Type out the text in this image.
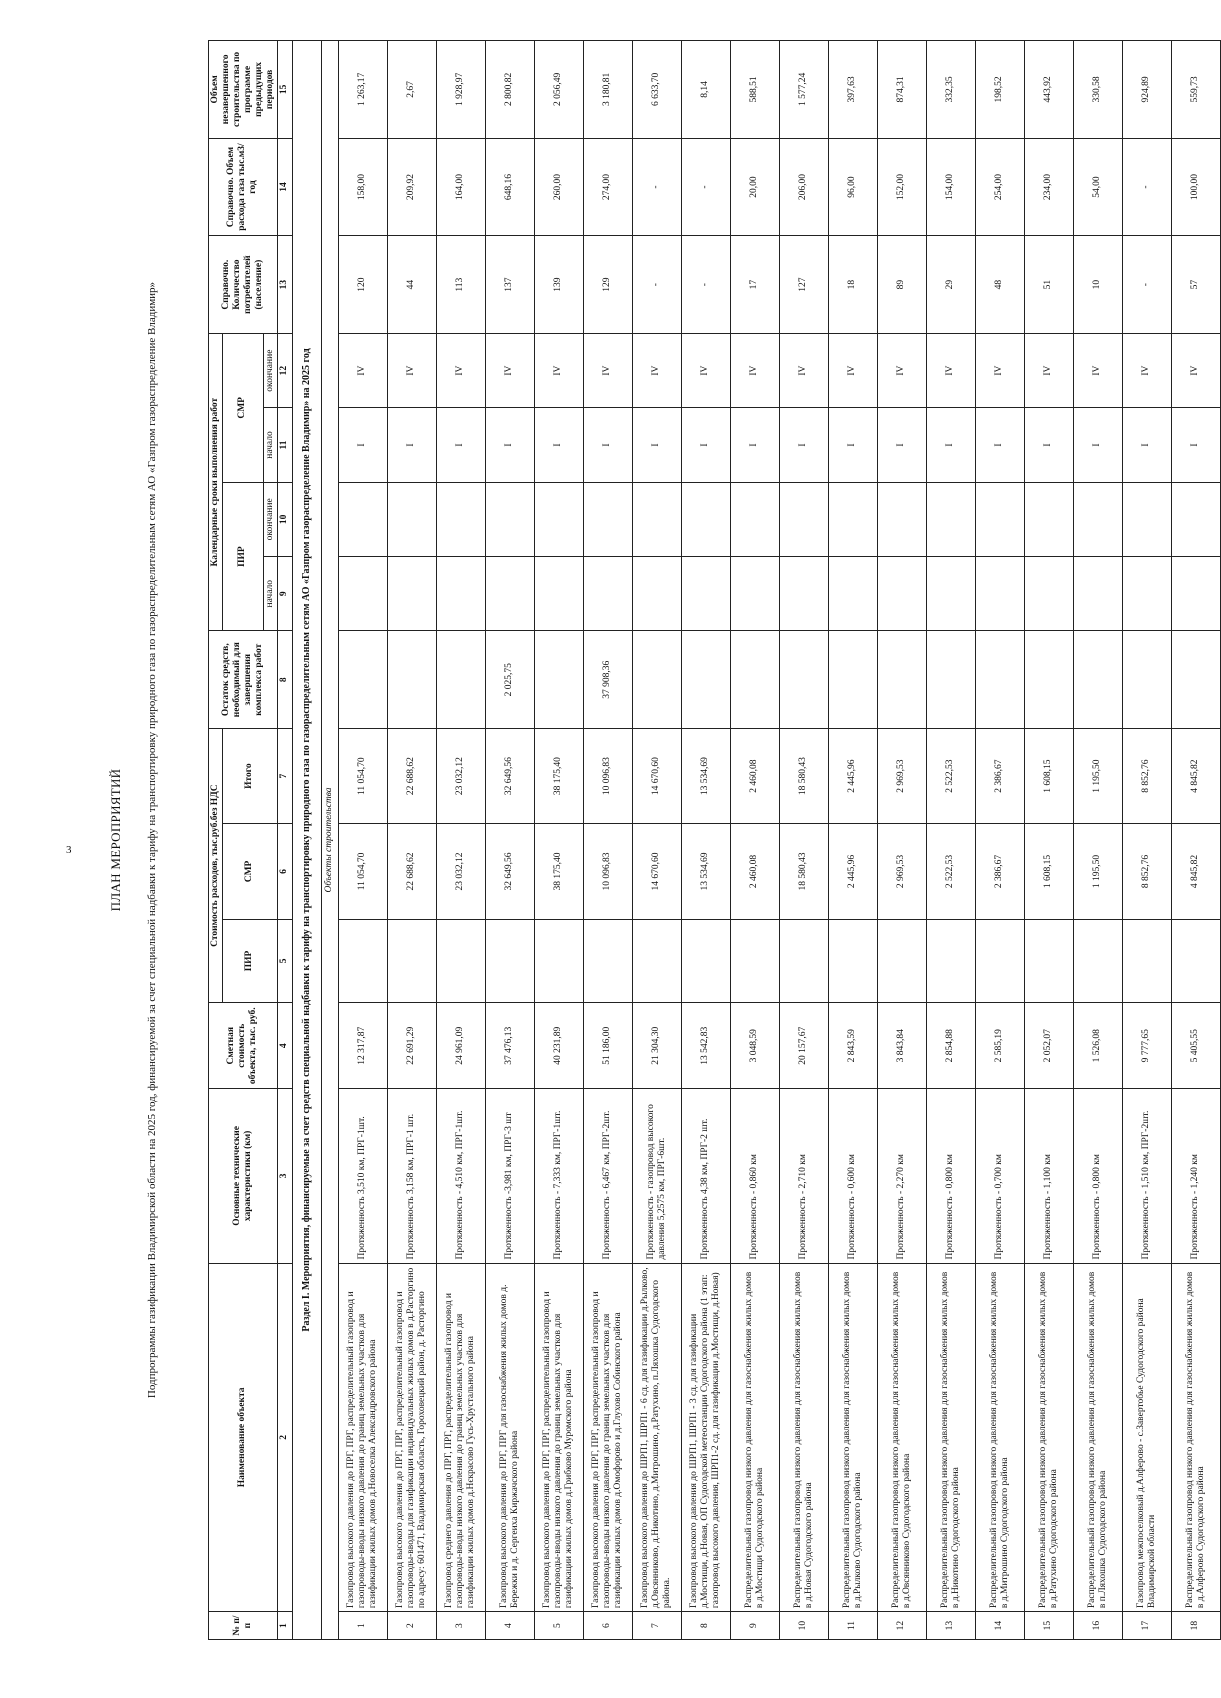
3	ПЛАН МЕРОПРИЯТИЙ Подпрограммы газификации Владимирской области на 2025 год, финансируемой за счет специальной надбавки к тарифу на транспортировку природного газа по газораспределительным сетям АО «Газпром газораспределение Владимир»
№ п/п	Наименование объекта	Основные технические характеристики (км)	Сметная стоимость объекта, тыс. руб.	Стоимость расходов, тыс.руб.без НДС			Остаток средств, необходимый для завершения комплекса работ	Календарные сроки выполнения работ				Справочно. Количество потребителей (население)	Справочно. Объем расхода газа тыс.м3/год	Объем незавершенного строительства по программе предыдущих периодов
				ПИР	СМР	Итого		ПИР		СМР				
								начало	окончание	начало	окончание			
1	2	3	4	5	6	7	8	9	10	11	12	13	14	15
Раздел I. Мероприятия, финансируемые за счет средств специальной надбавки к тарифу на транспортировку природного газа по газораспределительным сетям АО «Газпром газораспределение Владимир» на 2025 год														
Объекты строительства														
1	Газопровод высокого давления до ПРГ, ПРГ, распределительный газопровод и газопроводы-вводы низкого давления до границ земельных участков для газификации жилых домов д.Новоселка Александровского района	Протяженность 3,510 км, ПРГ-1шт.	12 317,87		11 054,70	11 054,70				I	IV	120	158,00	1 263,17
2	Газопровод высокого давления до ПРГ, ПРГ, распределительный газопровод и газопроводы-вводы для газификации индивидуальных жилых домов в д.Расторгино по адресу: 601471, Владимирская область, Гороховецкий район, д. Расторгино	Протяженность 3,158 км, ПРГ-1 шт.	22 691,29		22 688,62	22 688,62				I	IV	44	209,92	2,67
3	Газопровод среднего давления до ПРГ, ПРГ, распределительный газопровод и газопроводы-вводы низкого давления до границ земельных участков для газификации жилых домов д.Нєкрасово Гусь-Хрустального района	Протяженность - 4,510 км, ПРГ-1шт.	24 961,09		23 032,12	23 032,12				I	IV	113	164,00	1 928,97
4	Газопровод высокого давления до ПРГ, ПРГ для газоснабжения жилых домов д. Бережки и д. Сергеиха Киржачского района	Протяженность -3,981 км, ПРГ-3 шт	37 476,13		32 649,56	32 649,56	2 025,75			I	IV	137	648,16	2 800,82
5	Газопровод высокого давления до ПРГ, ПРГ, распределительный газопровод и газопроводы-вводы низкого давления до границ земельных участков для газификации жилых домов д.Грибково Муромского района	Протяженность - 7,333 км, ПРГ-1шт.	40 231,89		38 175,40	38 175,40				I	IV	139	260,00	2 056,49
6	Газопровод высокого давления до ПРГ, ПРГ, распределительный газопровод и газопроводы-вводы низкого давления до границ земельных участков для газификации жилых домов д.Омофорово и д.Глухово Собинского района	Протяженность - 6,467 км, ПРГ-2шт.	51 186,00		10 096,83	10 096,83	37 908,36			I	IV	129	274,00	3 180,81
7	Газопровод высокого давления до ШРП1, ШРП1 - 6 сд. для газификации д.Рылково, д.Овсянниково, д.Никотино, д.Митрошино, д.Ратухино, п.Ляхошка Судогодского района.	Протяженность - газопровод высокого давления 5,2575 км, ПРГ-6шт.	21 304,30		14 670,60	14 670,60				I	IV	-	-	6 633,70
8	Газопровод высокого давления до ШРП1, ШРП1 - 3 сд. для газификации д.Мостищи, д.Новая, ОП Судогодской метеостанции Судогодского района (1 этап: газопровод высокого давления, ШРП1-2 сд. для газификации д.Мостищи, д.Новая)	Протяженность 4,38 км, ПРГ-2 шт.	13 542,83		13 534,69	13 534,69				I	IV	-	-	8,14
9	Распределительный газопровод низкого давления для газоснабжения жилых домов в д.Мостищи Судогодского района	Протяженность - 0,860 км	3 048,59		2 460,08	2 460,08				I	IV	17	20,00	588,51
10	Распределительный газопровод низкого давления для газоснабжения жилых домов в д.Новая Судогодского района	Протяженность - 2,710 км	20 157,67		18 580,43	18 580,43				I	IV	127	206,00	1 577,24
11	Распределительный газопровод низкого давления для газоснабжения жилых домов в д.Рылково Судогодского района	Протяженность - 0,600 км	2 843,59		2 445,96	2 445,96				I	IV	18	96,00	397,63
12	Распределительный газопровод низкого давления для газоснабжения жилых домов в д.Овсянниково Судогодского района	Протяженность - 2,270 км	3 843,84		2 969,53	2 969,53				I	IV	89	152,00	874,31
13	Распределительный газопровод низкого давления для газоснабжения жилых домов в д.Никотино Судогодского района	Протяженность - 0,800 км	2 854,88		2 522,53	2 522,53				I	IV	29	154,00	332,35
14	Распределительный газопровод низкого давления для газоснабжения жилых домов в д.Митрошино Судогодского района	Протяженность - 0,700 км	2 585,19		2 386,67	2 386,67				I	IV	48	254,00	198,52
15	Распределительный газопровод низкого давления для газоснабжения жилых домов в д.Ратухино Судогодского района	Протяженность - 1,100 км	2 052,07		1 608,15	1 608,15				I	IV	51	234,00	443,92
16	Распределительный газопровод низкого давления для газоснабжения жилых домов в п.Ляхошка Судогодского района	Протяженность - 0,800 км	1 526,08		1 195,50	1 195,50				I	IV	10	54,00	330,58
17	Газопровод межпоселковый д.Алферово - с.Завертобье Судогодского района Владимирской области	Протяженность - 1,510 км, ПРГ-2шт.	9 777,65		8 852,76	8 852,76				I	IV	-	-	924,89
18	Распределительный газопровод низкого давления для газоснабжения жилых домов в д.Алферово Судогодского района	Протяженность - 1,240 км	5 405,55		4 845,82	4 845,82				I	IV	57	100,00	559,73
